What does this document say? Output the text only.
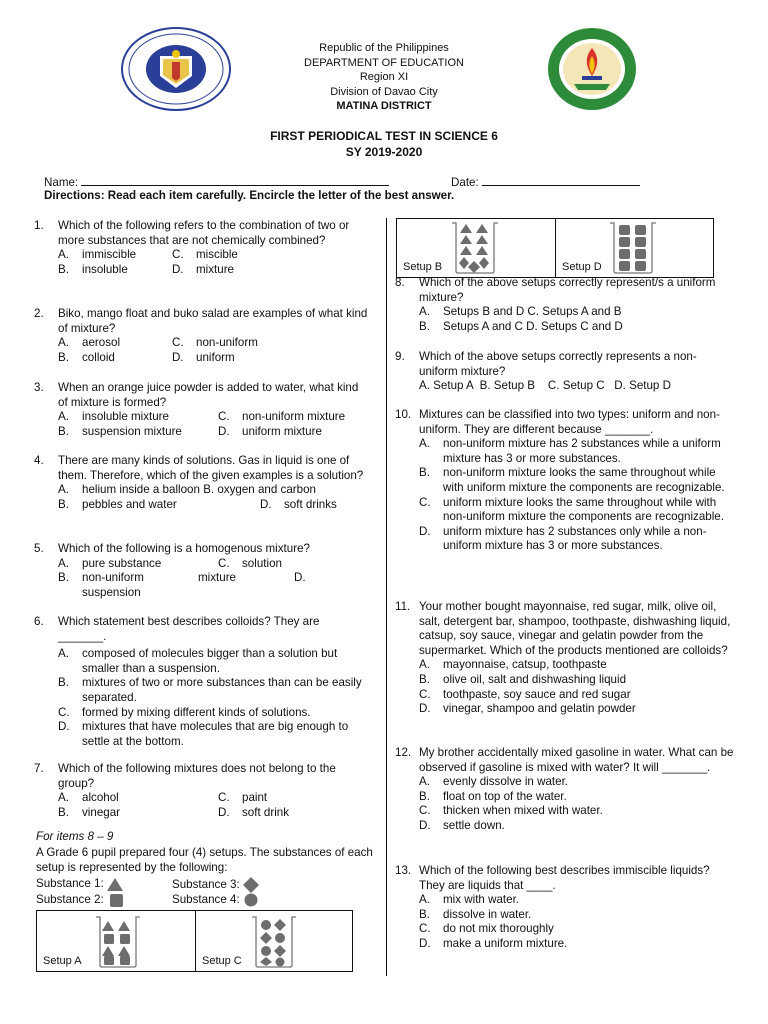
Republic of the Philippines
DEPARTMENT OF EDUCATION
Region XI
Division of Davao City
MATINA DISTRICT
FIRST PERIODICAL TEST IN SCIENCE 6
SY 2019-2020
Name:	Date:
Directions: Read each item carefully. Encircle the letter of the best answer.
1.	Which of the following refers to the combination of two or more substances that are not chemically combined?
A. immiscible	C. miscible
B. insoluble	D. mixture
2.	Biko, mango float and buko salad are examples of what kind of mixture?
A. aerosol	C. non-uniform
B. colloid	D. uniform
3.	When an orange juice powder is added to water, what kind of mixture is formed?
A. insoluble mixture	C. non-uniform mixture
B. suspension mixture	D. uniform mixture
4.	There are many kinds of solutions. Gas in liquid is one of them. Therefore, which of the given examples is a solution?
A. helium inside a balloon B. oxygen and carbon
B. pebbles and water	D. soft drinks
5.	Which of the following is a homogenous mixture?
A. pure substance	C. solution
B. non-uniform	mixture	D.
suspension
6.	Which statement best describes colloids? They are _______.
A. composed of molecules bigger than a solution but smaller than a suspension.
B. mixtures of two or more substances than can be easily separated.
C. formed by mixing different kinds of solutions.
D. mixtures that have molecules that are big enough to settle at the bottom.
7.	Which of the following mixtures does not belong to the group?
A. alcohol	C. paint
B. vinegar	D. soft drink
For items 8 – 9
A Grade 6 pupil prepared four (4) setups. The substances of each setup is represented by the following:
Substance 1:
Substance 2:
Substance 3:
Substance 4:
Setup A	Setup C
Setup B	Setup D
8.	Which of the above setups correctly represent/s a uniform mixture?
A. Setups B and D C. Setups A and B
B. Setups A and C D. Setups C and D
9.	Which of the above setups correctly represents a non-uniform mixture?
A. Setup A  B. Setup B    C. Setup C   D. Setup D
10. Mixtures can be classified into two types: uniform and non-uniform. They are different because _______.
A. non-uniform mixture has 2 substances while a uniform mixture has 3 or more substances.
B. non-uniform mixture looks the same throughout while with uniform mixture the components are recognizable.
C. uniform mixture looks the same throughout while with non-uniform mixture the components are recognizable.
D. uniform mixture has 2 substances only while a non-uniform mixture has 3 or more substances.
11. Your mother bought mayonnaise, red sugar, milk, olive oil, salt, detergent bar, shampoo, toothpaste, dishwashing liquid, catsup, soy sauce, vinegar and gelatin powder from the supermarket. Which of the products mentioned are colloids?
A. mayonnaise, catsup, toothpaste
B. olive oil, salt and dishwashing liquid
C. toothpaste, soy sauce and red sugar
D. vinegar, shampoo and gelatin powder
12. My brother accidentally mixed gasoline in water. What can be observed if gasoline is mixed with water? It will _______.
A. evenly dissolve in water.
B. float on top of the water.
C. thicken when mixed with water.
D. settle down.
13. Which of the following best describes immiscible liquids? They are liquids that ____.
A. mix with water.
B. dissolve in water.
C. do not mix thoroughly
D. make a uniform mixture.
